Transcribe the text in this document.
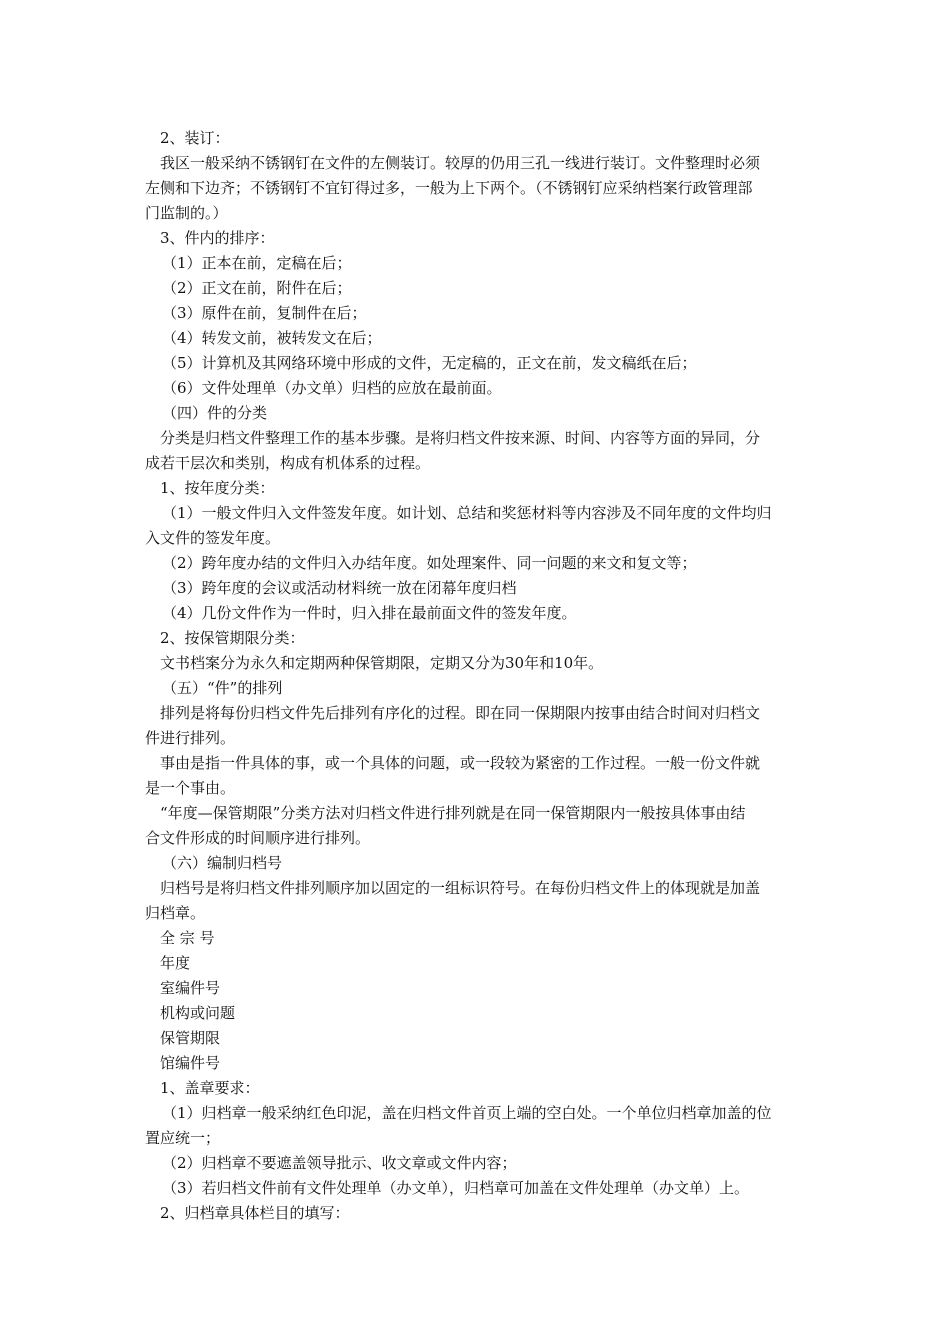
2、装订：
我区一般采纳不锈钢钉在文件的左侧装订。较厚的仍用三孔一线进行装订。文件整理时必须
左侧和下边齐；不锈钢钉不宜钉得过多，一般为上下两个。（不锈钢钉应采纳档案行政管理部
门监制的。）
3、件内的排序：
（1）正本在前，定稿在后；
（2）正文在前，附件在后；
（3）原件在前，复制件在后；
（4）转发文前，被转发文在后；
（5）计算机及其网络环境中形成的文件，无定稿的，正文在前，发文稿纸在后；
（6）文件处理单（办文单）归档的应放在最前面。
（四）件的分类
分类是归档文件整理工作的基本步骤。是将归档文件按来源、时间、内容等方面的异同，分
成若干层次和类别，构成有机体系的过程。
1、按年度分类：
（1）一般文件归入文件签发年度。如计划、总结和奖惩材料等内容涉及不同年度的文件均归
入文件的签发年度。
（2）跨年度办结的文件归入办结年度。如处理案件、同一问题的来文和复文等；
（3）跨年度的会议或活动材料统一放在闭幕年度归档
（4）几份文件作为一件时，归入排在最前面文件的签发年度。
2、按保管期限分类：
文书档案分为永久和定期两种保管期限，定期又分为30年和10年。
（五）“件”的排列
排列是将每份归档文件先后排列有序化的过程。即在同一保期限内按事由结合时间对归档文
件进行排列。
事由是指一件具体的事，或一个具体的问题，或一段较为紧密的工作过程。一般一份文件就
是一个事由。
“年度—保管期限”分类方法对归档文件进行排列就是在同一保管期限内一般按具体事由结
合文件形成的时间顺序进行排列。
（六）编制归档号
归档号是将归档文件排列顺序加以固定的一组标识符号。在每份归档文件上的体现就是加盖
归档章。
全 宗 号
年度
室编件号
机构或问题
保管期限
馆编件号
1、盖章要求：
（1）归档章一般采纳红色印泥，盖在归档文件首页上端的空白处。一个单位归档章加盖的位
置应统一；
（2）归档章不要遮盖领导批示、收文章或文件内容；
（3）若归档文件前有文件处理单（办文单），归档章可加盖在文件处理单（办文单）上。
2、归档章具体栏目的填写：
